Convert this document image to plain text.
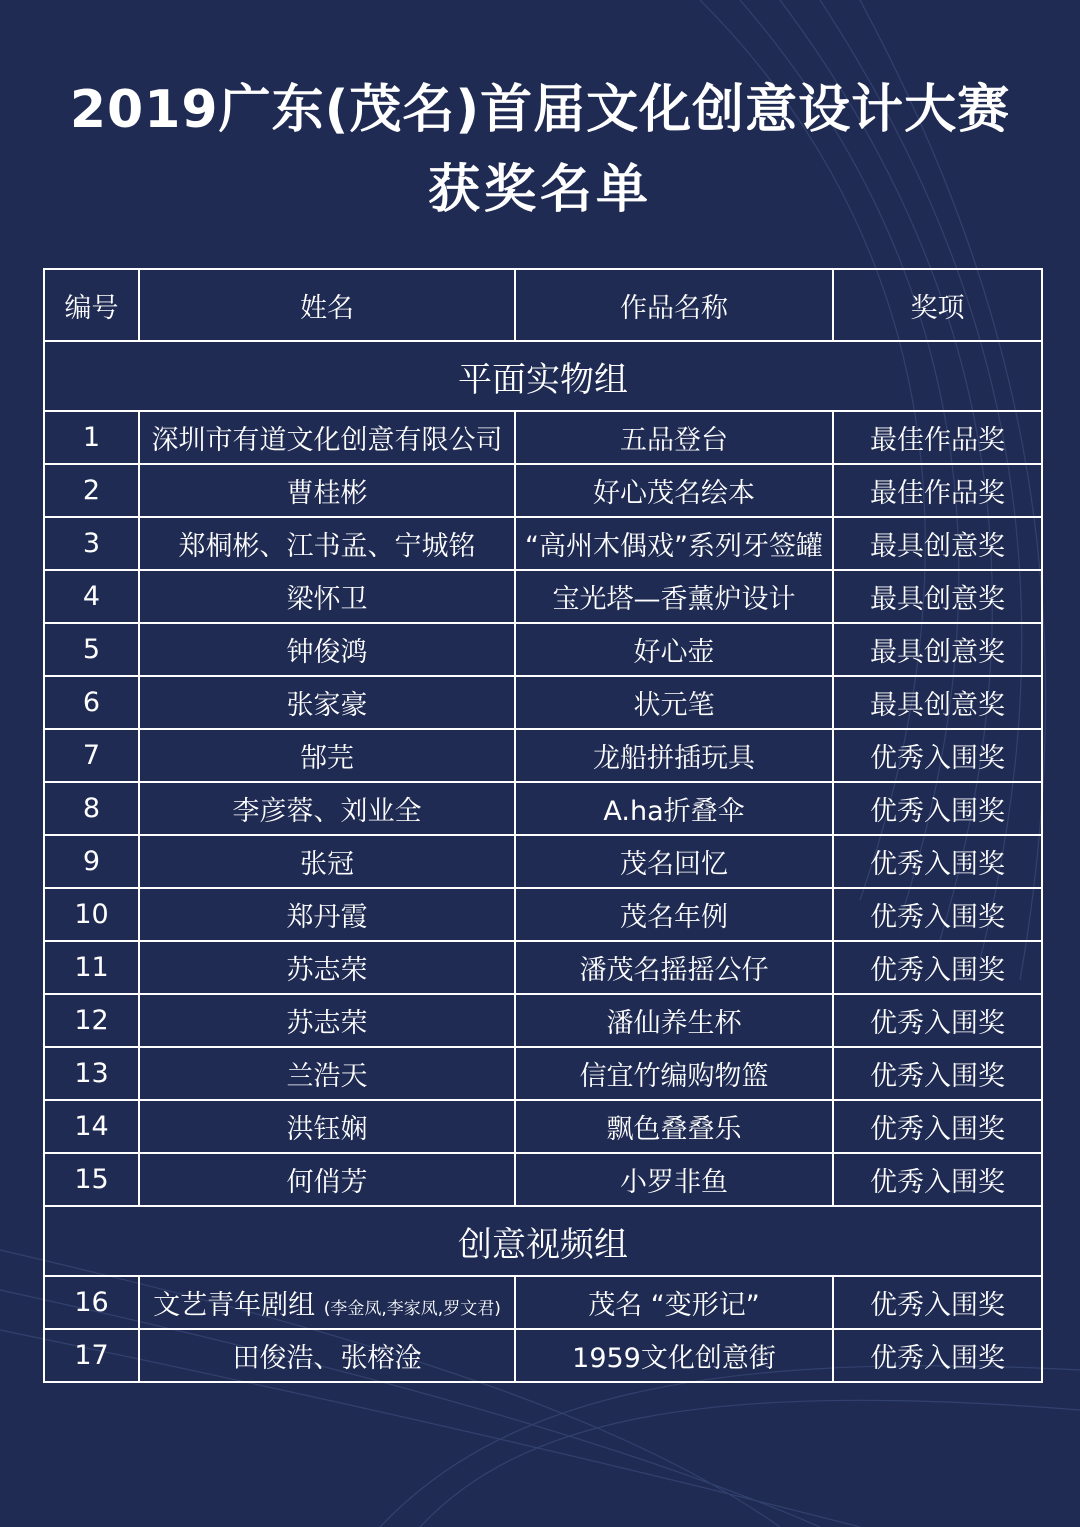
2019广东(茂名)首届文化创意设计大赛
获奖名单
编号	姓名	作品名称	奖项
平面实物组			
1	深圳市有道文化创意有限公司	五品登台	最佳作品奖
2	曹桂彬	好心茂名绘本	最佳作品奖
3	郑桐彬、江书孟、宁城铭	“高州木偶戏”系列牙签罐	最具创意奖
4	梁怀卫	宝光塔—香薰炉设计	最具创意奖
5	钟俊鸿	好心壶	最具创意奖
6	张家豪	状元笔	最具创意奖
7	郜芫	龙船拼插玩具	优秀入围奖
8	李彦蓉、刘业全	A.ha折叠伞	优秀入围奖
9	张冠	茂名回忆	优秀入围奖
10	郑丹霞	茂名年例	优秀入围奖
11	苏志荣	潘茂名摇摇公仔	优秀入围奖
12	苏志荣	潘仙养生杯	优秀入围奖
13	兰浩天	信宜竹编购物篮	优秀入围奖
14	洪钰娴	飘色叠叠乐	优秀入围奖
15	何俏芳	小罗非鱼	优秀入围奖
创意视频组			
16	文艺青年剧组 (李金凤,李家凤,罗文君)	茂名 “变形记”	优秀入围奖
17	田俊浩、张榕淦	1959文化创意街	优秀入围奖
